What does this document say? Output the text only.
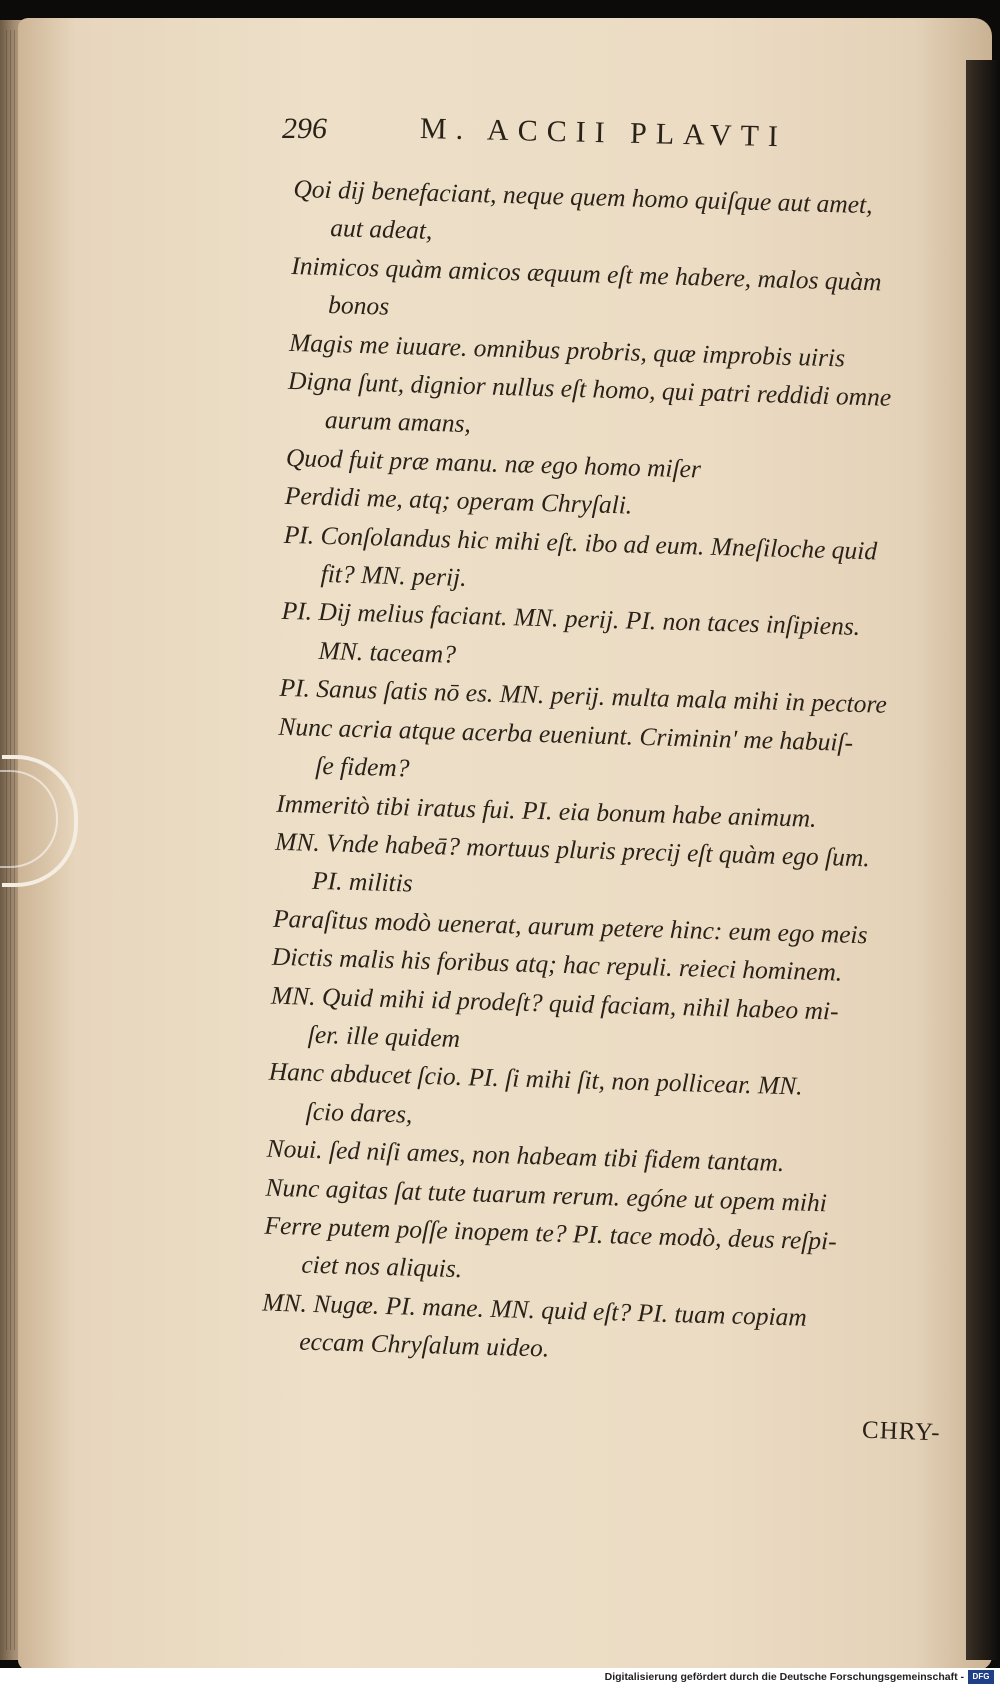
296	M. ACCII PLAVTI

Qoi dij benefaciant, neque quem homo quiſque aut amet,

aut adeat,

Inimicos quàm amicos æquum eſt me habere, malos quàm

bonos

Magis me iuuare. omnibus probris, quæ improbis uiris

Digna ſunt, dignior nullus eſt homo, qui patri reddidi omne

aurum amans,

Quod fuit præ manu. næ ego homo miſer

Perdidi me, atq; operam Chryſali.

PI. Conſolandus hic mihi eſt. ibo ad eum. Mneſiloche quid

fit? MN. perij.

PI. Dij melius faciant. MN. perij. PI. non taces inſipiens.

MN. taceam?

PI. Sanus ſatis nō es. MN. perij. multa mala mihi in pectore

Nunc acria atque acerba eueniunt. Criminin' me habuiſ-

ſe fidem?

Immeritò tibi iratus fui. PI. eia bonum habe animum.

MN. Vnde habeā? mortuus pluris precij eſt quàm ego ſum.

PI. militis

Paraſitus modò uenerat, aurum petere hinc: eum ego meis

Dictis malis his foribus atq; hac repuli. reieci hominem.

MN. Quid mihi id prodeſt? quid faciam, nihil habeo mi-

ſer. ille quidem

Hanc abducet ſcio. PI. ſi mihi ſit, non pollicear. MN.

ſcio dares,

Noui. ſed niſi ames, non habeam tibi fidem tantam.

Nunc agitas ſat tute tuarum rerum. egóne ut opem mihi

Ferre putem poſſe inopem te? PI. tace modò, deus reſpi-

ciet nos aliquis.

MN. Nugæ. PI. mane. MN. quid eſt? PI. tuam copiam

eccam Chryſalum uideo.

CHRY-
Digitalisierung gefördert durch die Deutsche Forschungsgemeinschaft -	DFG
